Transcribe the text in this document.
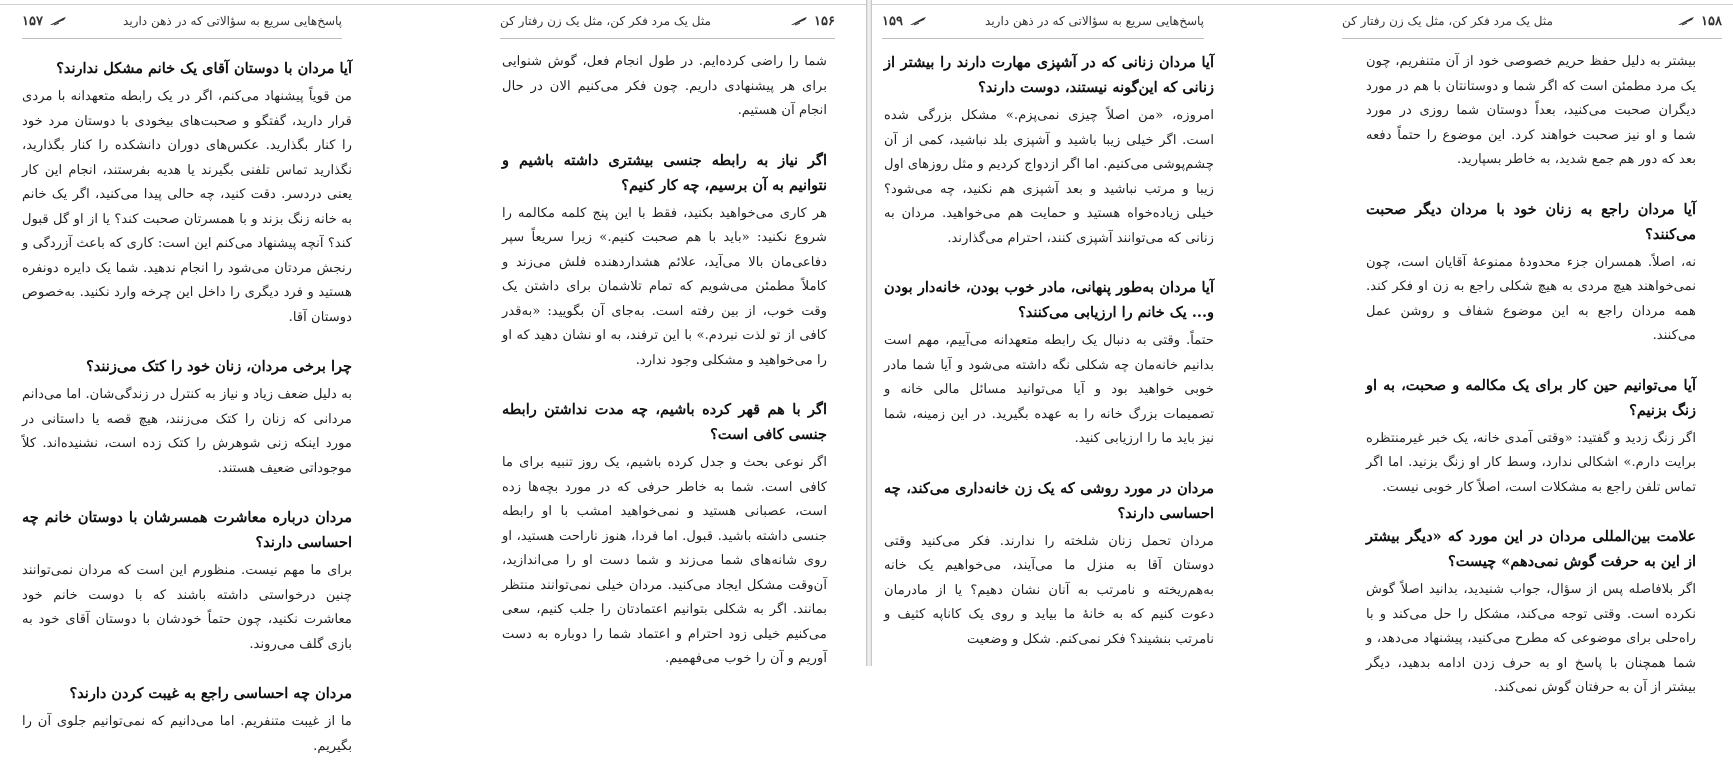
پاسخ‌هایی سریع به سؤالاتی که در ذهن دارید
۱۵۷
آیا مردان با دوستان آقای یک خانم مشکل ندارند؟

من قویاً پیشنهاد می‌کنم، اگر در یک رابطه متعهدانه با مردی قرار دارید، گفتگو و صحبت‌های بیخودی با دوستان مرد خود را کنار بگذارید. عکس‌های دوران دانشکده را کنار بگذارید، نگذارید تماس تلفنی بگیرند یا هدیه بفرستند، انجام این کار یعنی دردسر. دقت کنید، چه حالی پیدا می‌کنید، اگر یک خانم به خانه زنگ بزند و با همسرتان صحبت کند؟ یا از او گل قبول کند؟ آنچه پیشنهاد می‌کنم این است: کاری که باعث آزردگی و رنجش مردتان می‌شود را انجام ندهید. شما یک دایره دونفره هستید و فرد دیگری را داخل این چرخه وارد نکنید. به‌خصوص دوستان آقا.

چرا برخی مردان، زنان خود را کتک می‌زنند؟

به دلیل ضعف زیاد و نیاز به کنترل در زندگی‌شان. اما می‌دانم مردانی که زنان را کتک می‌زنند، هیچ قصه یا داستانی در مورد اینکه زنی شوهرش را کتک زده است، نشنیده‌اند. کلاً موجوداتی ضعیف هستند.

مردان درباره معاشرت همسرشان با دوستان خانم چه احساسی دارند؟

برای ما مهم نیست. منظورم این است که مردان نمی‌توانند چنین درخواستی داشته باشند که با دوست خانم خود معاشرت نکنید، چون حتماً خودشان با دوستان آقای خود به بازی گلف می‌روند.

مردان چه احساسی راجع به غیبت کردن دارند؟

ما از غیبت متنفریم. اما می‌دانیم که نمی‌توانیم جلوی آن را بگیریم.

۱۵۶
مثل یک مرد فکر کن، مثل یک زن رفتار کن

شما را راضی کرده‌ایم. در طول انجام فعل، گوش شنوایی برای هر پیشنهادی داریم. چون فکر می‌کنیم الان در حال انجام آن هستیم.

اگر نیاز به رابطه جنسی بیشتری داشته باشیم و نتوانیم به آن برسیم، چه کار کنیم؟

هر کاری می‌خواهید بکنید، فقط با این پنج کلمه مکالمه را شروع نکنید: «باید با هم صحبت کنیم.» زیرا سریعاً سپر دفاعی‌مان بالا می‌آید، علائم هشداردهنده فلش می‌زند و کاملاً مطمئن می‌شویم که تمام تلاشمان برای داشتن یک وقت خوب، از بین رفته است. به‌جای آن بگویید: «به‌قدر کافی از تو لذت نبردم.» با این ترفند، به او نشان دهید که او را می‌خواهید و مشکلی وجود ندارد.

اگر با هم قهر کرده باشیم، چه مدت نداشتن رابطه جنسی کافی است؟

اگر نوعی بحث و جدل کرده باشیم، یک روز تنبیه برای ما کافی است. شما به خاطر حرفی که در مورد بچه‌ها زده است، عصبانی هستید و نمی‌خواهید امشب با او رابطه جنسی داشته باشید. قبول. اما فردا، هنوز ناراحت هستید، او روی شانه‌های شما می‌زند و شما دست او را می‌اندازید، آن‌وقت مشکل ایجاد می‌کنید. مردان خیلی نمی‌توانند منتظر بمانند. اگر به شکلی بتوانیم اعتمادتان را جلب کنیم، سعی می‌کنیم خیلی زود احترام و اعتماد شما را دوباره به دست آوریم و آن را خوب می‌فهمیم.

پاسخ‌هایی سریع به سؤالاتی که در ذهن دارید
۱۵۹
آیا مردان زنانی که در آشپزی مهارت دارند را بیشتر از زنانی که این‌گونه نیستند، دوست دارند؟

امروزه، «من اصلاً چیزی نمی‌پزم.» مشکل بزرگی شده است. اگر خیلی زیبا باشید و آشپزی بلد نباشید، کمی از آن چشم‌پوشی می‌کنیم. اما اگر ازدواج کردیم و مثل روزهای اول زیبا و مرتب نباشید و بعد آشپزی هم نکنید، چه می‌شود؟ خیلی زیاده‌خواه هستید و حمایت هم می‌خواهید. مردان به زنانی که می‌توانند آشپزی کنند، احترام می‌گذارند.

آیا مردان به‌طور پنهانی، مادر خوب بودن، خانه‌دار بودن و... یک خانم را ارزیابی می‌کنند؟

حتماً. وقتی به دنبال یک رابطه متعهدانه می‌آییم، مهم است بدانیم خانه‌مان چه شکلی نگه داشته می‌شود و آیا شما مادر خوبی خواهید بود و آیا می‌توانید مسائل مالی خانه و تصمیمات بزرگ خانه را به عهده بگیرید. در این زمینه، شما نیز باید ما را ارزیابی کنید.

مردان در مورد روشی که یک زن خانه‌داری می‌کند، چه احساسی دارند؟

مردان تحمل زنان شلخته را ندارند. فکر می‌کنید وقتی دوستان آقا به منزل ما می‌آیند، می‌خواهیم یک خانه به‌هم‌ریخته و نامرتب به آنان نشان دهیم؟ یا از مادرمان دعوت کنیم که به خانهٔ ما بیاید و روی یک کاناپه کثیف و نامرتب بنشیند؟ فکر نمی‌کنم. شکل و وضعیت

۱۵۸
مثل یک مرد فکر کن، مثل یک زن رفتار کن

بیشتر به دلیل حفظ حریم خصوصی خود از آن متنفریم، چون یک مرد مطمئن است که اگر شما و دوستانتان با هم در مورد دیگران صحبت می‌کنید، بعداً دوستان شما روزی در مورد شما و او نیز صحبت خواهند کرد. این موضوع را حتماً دفعه بعد که دور هم جمع شدید، به خاطر بسپارید.

آیا مردان راجع به زنان خود با مردان دیگر صحبت می‌کنند؟

نه، اصلاً. همسران جزء محدودهٔ ممنوعهٔ آقایان است، چون نمی‌خواهند هیچ مردی به هیچ شکلی راجع به زن او فکر کند. همه مردان راجع به این موضوع شفاف و روشن عمل می‌کنند.

آیا می‌توانیم حین کار برای یک مکالمه و صحبت، به او زنگ بزنیم؟

اگر زنگ زدید و گفتید: «وقتی آمدی خانه، یک خبر غیرمنتظره برایت دارم.» اشکالی ندارد، وسط کار او زنگ بزنید. اما اگر تماس تلفن راجع به مشکلات است، اصلاً کار خوبی نیست.

علامت بین‌المللی مردان در این مورد که «دیگر بیشتر از این به حرفت گوش نمی‌دهم» چیست؟

اگر بلافاصله پس از سؤال، جواب شنیدید، بدانید اصلاً گوش نکرده است. وقتی توجه می‌کند، مشکل را حل می‌کند و با راه‌حلی برای موضوعی که مطرح می‌کنید، پیشنهاد می‌دهد، و شما همچنان با پاسخ او به حرف زدن ادامه بدهید، دیگر بیشتر از آن به حرفتان گوش نمی‌کند.
